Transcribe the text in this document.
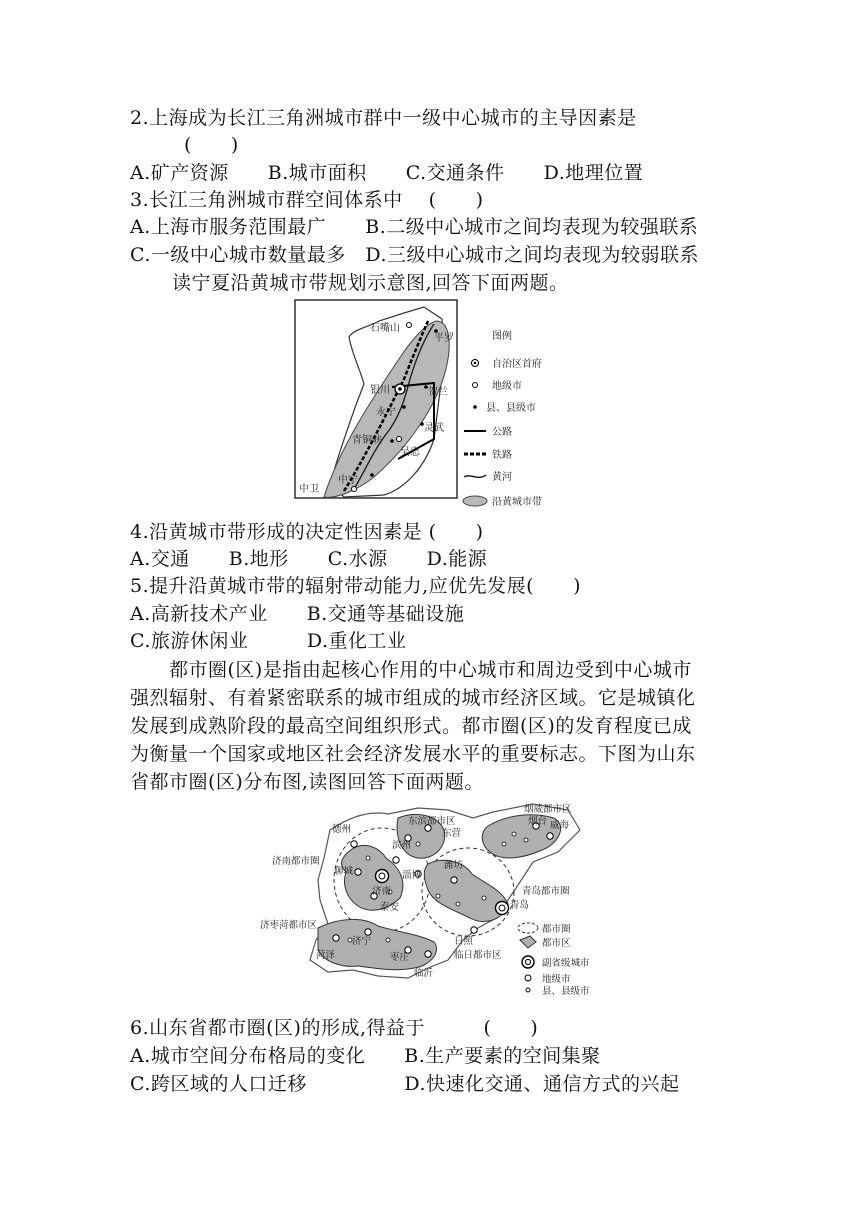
2.上海成为长江三角洲城市群中一级中心城市的主导因素是
(　　)
A.矿产资源　　B.城市面积　　C.交通条件　　D.地理位置
3.长江三角洲城市群空间体系中　 (　　)
A.上海市服务范围最广　　B.二级中心城市之间均表现为较强联系
C.一级中心城市数量最多　D.三级中心城市之间均表现为较弱联系
读宁夏沿黄城市带规划示意图,回答下面两题。
石嘴山
平罗
银川	贺兰
永宁
灵武
青铜峡
吴忠
中卫
中宁
图例
自治区首府
地级市
县、县级市
公路
铁路
黄河
沿黄城市带
4.沿黄城市带形成的决定性因素是 (　　)
A.交通　　B.地形　　C.水源　　D.能源
5.提升沿黄城市带的辐射带动能力,应优先发展(　　)
A.高新技术产业　　B.交通等基础设施
C.旅游休闲业　　　D.重化工业
　　都市圈(区)是指由起核心作用的中心城市和周边受到中心城市
强烈辐射、有着紧密联系的城市组成的城市经济区域。它是城镇化
发展到成熟阶段的最高空间组织形式。都市圈(区)的发育程度已成
为衡量一个国家或地区社会经济发展水平的重要标志。下图为山东
省都市圈(区)分布图,读图回答下面两题。
德州
东滨都市区
东营
烟威都市区
烟台 威海
滨州
济南都市圈
聊城	淄博
潍坊
济南
泰安
青岛都市圈
青岛
济枣菏都市区
菏泽
济宁
枣庄
临沂
日照
临日都市区
都市圈
都市区
副省级城市
地级市
县、县级市
6.山东省都市圈(区)的形成,得益于　　　(　　)
A.城市空间分布格局的变化　　B.生产要素的空间集聚
C.跨区域的人口迁移　　　　　D.快速化交通、通信方式的兴起
